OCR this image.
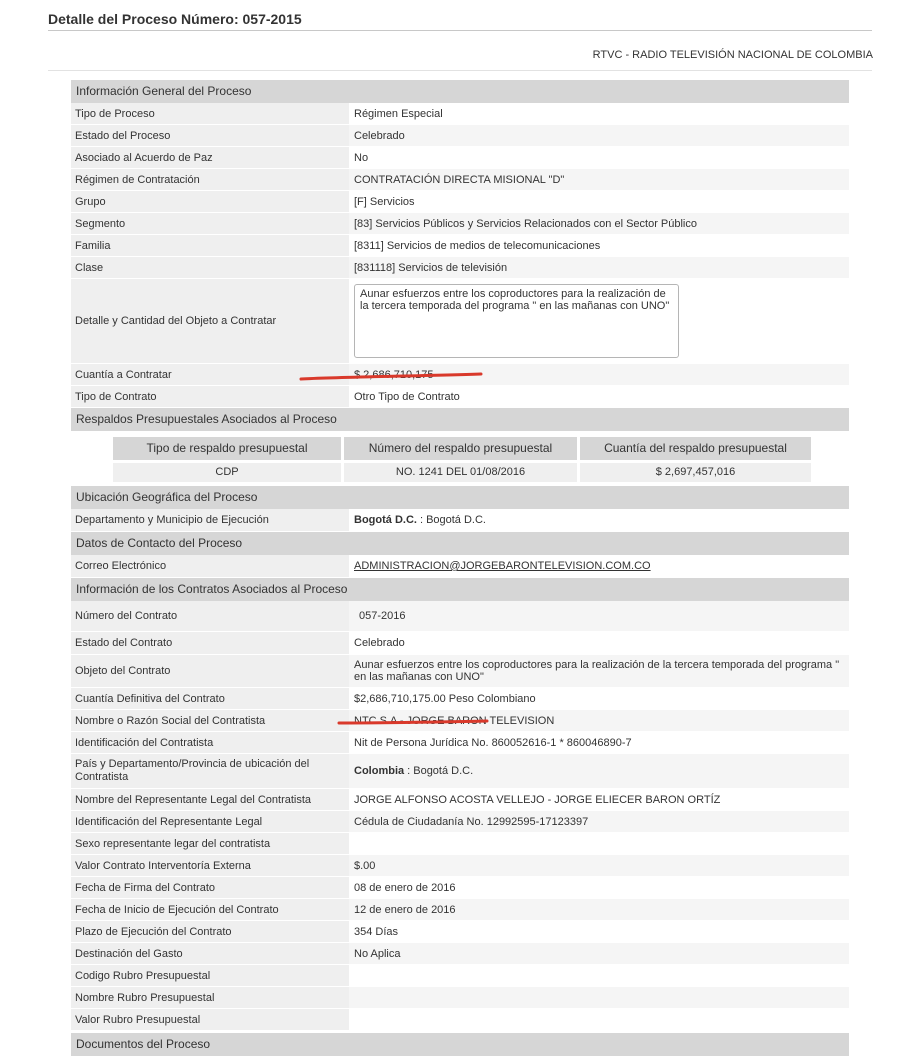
Detalle del Proceso Número: 057-2015
RTVC - RADIO TELEVISIÓN NACIONAL DE COLOMBIA
Información General del Proceso
Tipo de Proceso	Régimen Especial
Estado del Proceso	Celebrado
Asociado al Acuerdo de Paz	No
Régimen de Contratación	CONTRATACIÓN DIRECTA MISIONAL "D"
Grupo	[F] Servicios
Segmento	[83] Servicios Públicos y Servicios Relacionados con el Sector Público
Familia	[8311] Servicios de medios de telecomunicaciones
Clase	[831118] Servicios de televisión
Detalle y Cantidad del Objeto a Contratar
Aunar esfuerzos entre los coproductores para la realización de la tercera temporada del programa " en las mañanas con UNO"
Cuantía a Contratar	$ 2,686,710,175
Tipo de Contrato	Otro Tipo de Contrato
Respaldos Presupuestales Asociados al Proceso
Tipo de respaldo presupuestal	Número del respaldo presupuestal	Cuantía del respaldo presupuestal
CDP	NO. 1241 DEL 01/08/2016	$ 2,697,457,016
Ubicación Geográfica del Proceso
Departamento y Municipio de Ejecución	Bogotá D.C. : Bogotá D.C.
Datos de Contacto del Proceso
Correo Electrónico	ADMINISTRACION@JORGEBARONTELEVISION.COM.CO
Información de los Contratos Asociados al Proceso
Número del Contrato	057-2016
Estado del Contrato	Celebrado
Objeto del Contrato	Aunar esfuerzos entre los coproductores para la realización de la tercera temporada del programa " en las mañanas con UNO"
Cuantía Definitiva del Contrato	$2,686,710,175.00 Peso Colombiano
Nombre o Razón Social del Contratista	NTC S.A - JORGE BARON TELEVISION
Identificación del Contratista	Nit de Persona Jurídica No. 860052616-1 * 860046890-7
País y Departamento/Provincia de ubicación del Contratista	Colombia : Bogotá D.C.
Nombre del Representante Legal del Contratista	JORGE ALFONSO ACOSTA VELLEJO - JORGE ELIECER BARON ORTÍZ
Identificación del Representante Legal	Cédula de Ciudadanía No. 12992595-17123397
Sexo representante legar del contratista
Valor Contrato Interventoría Externa	$.00
Fecha de Firma del Contrato	08 de enero de 2016
Fecha de Inicio de Ejecución del Contrato	12 de enero de 2016
Plazo de Ejecución del Contrato	354 Días
Destinación del Gasto	No Aplica
Codigo Rubro Presupuestal
Nombre Rubro Presupuestal
Valor Rubro Presupuestal
Documentos del Proceso
